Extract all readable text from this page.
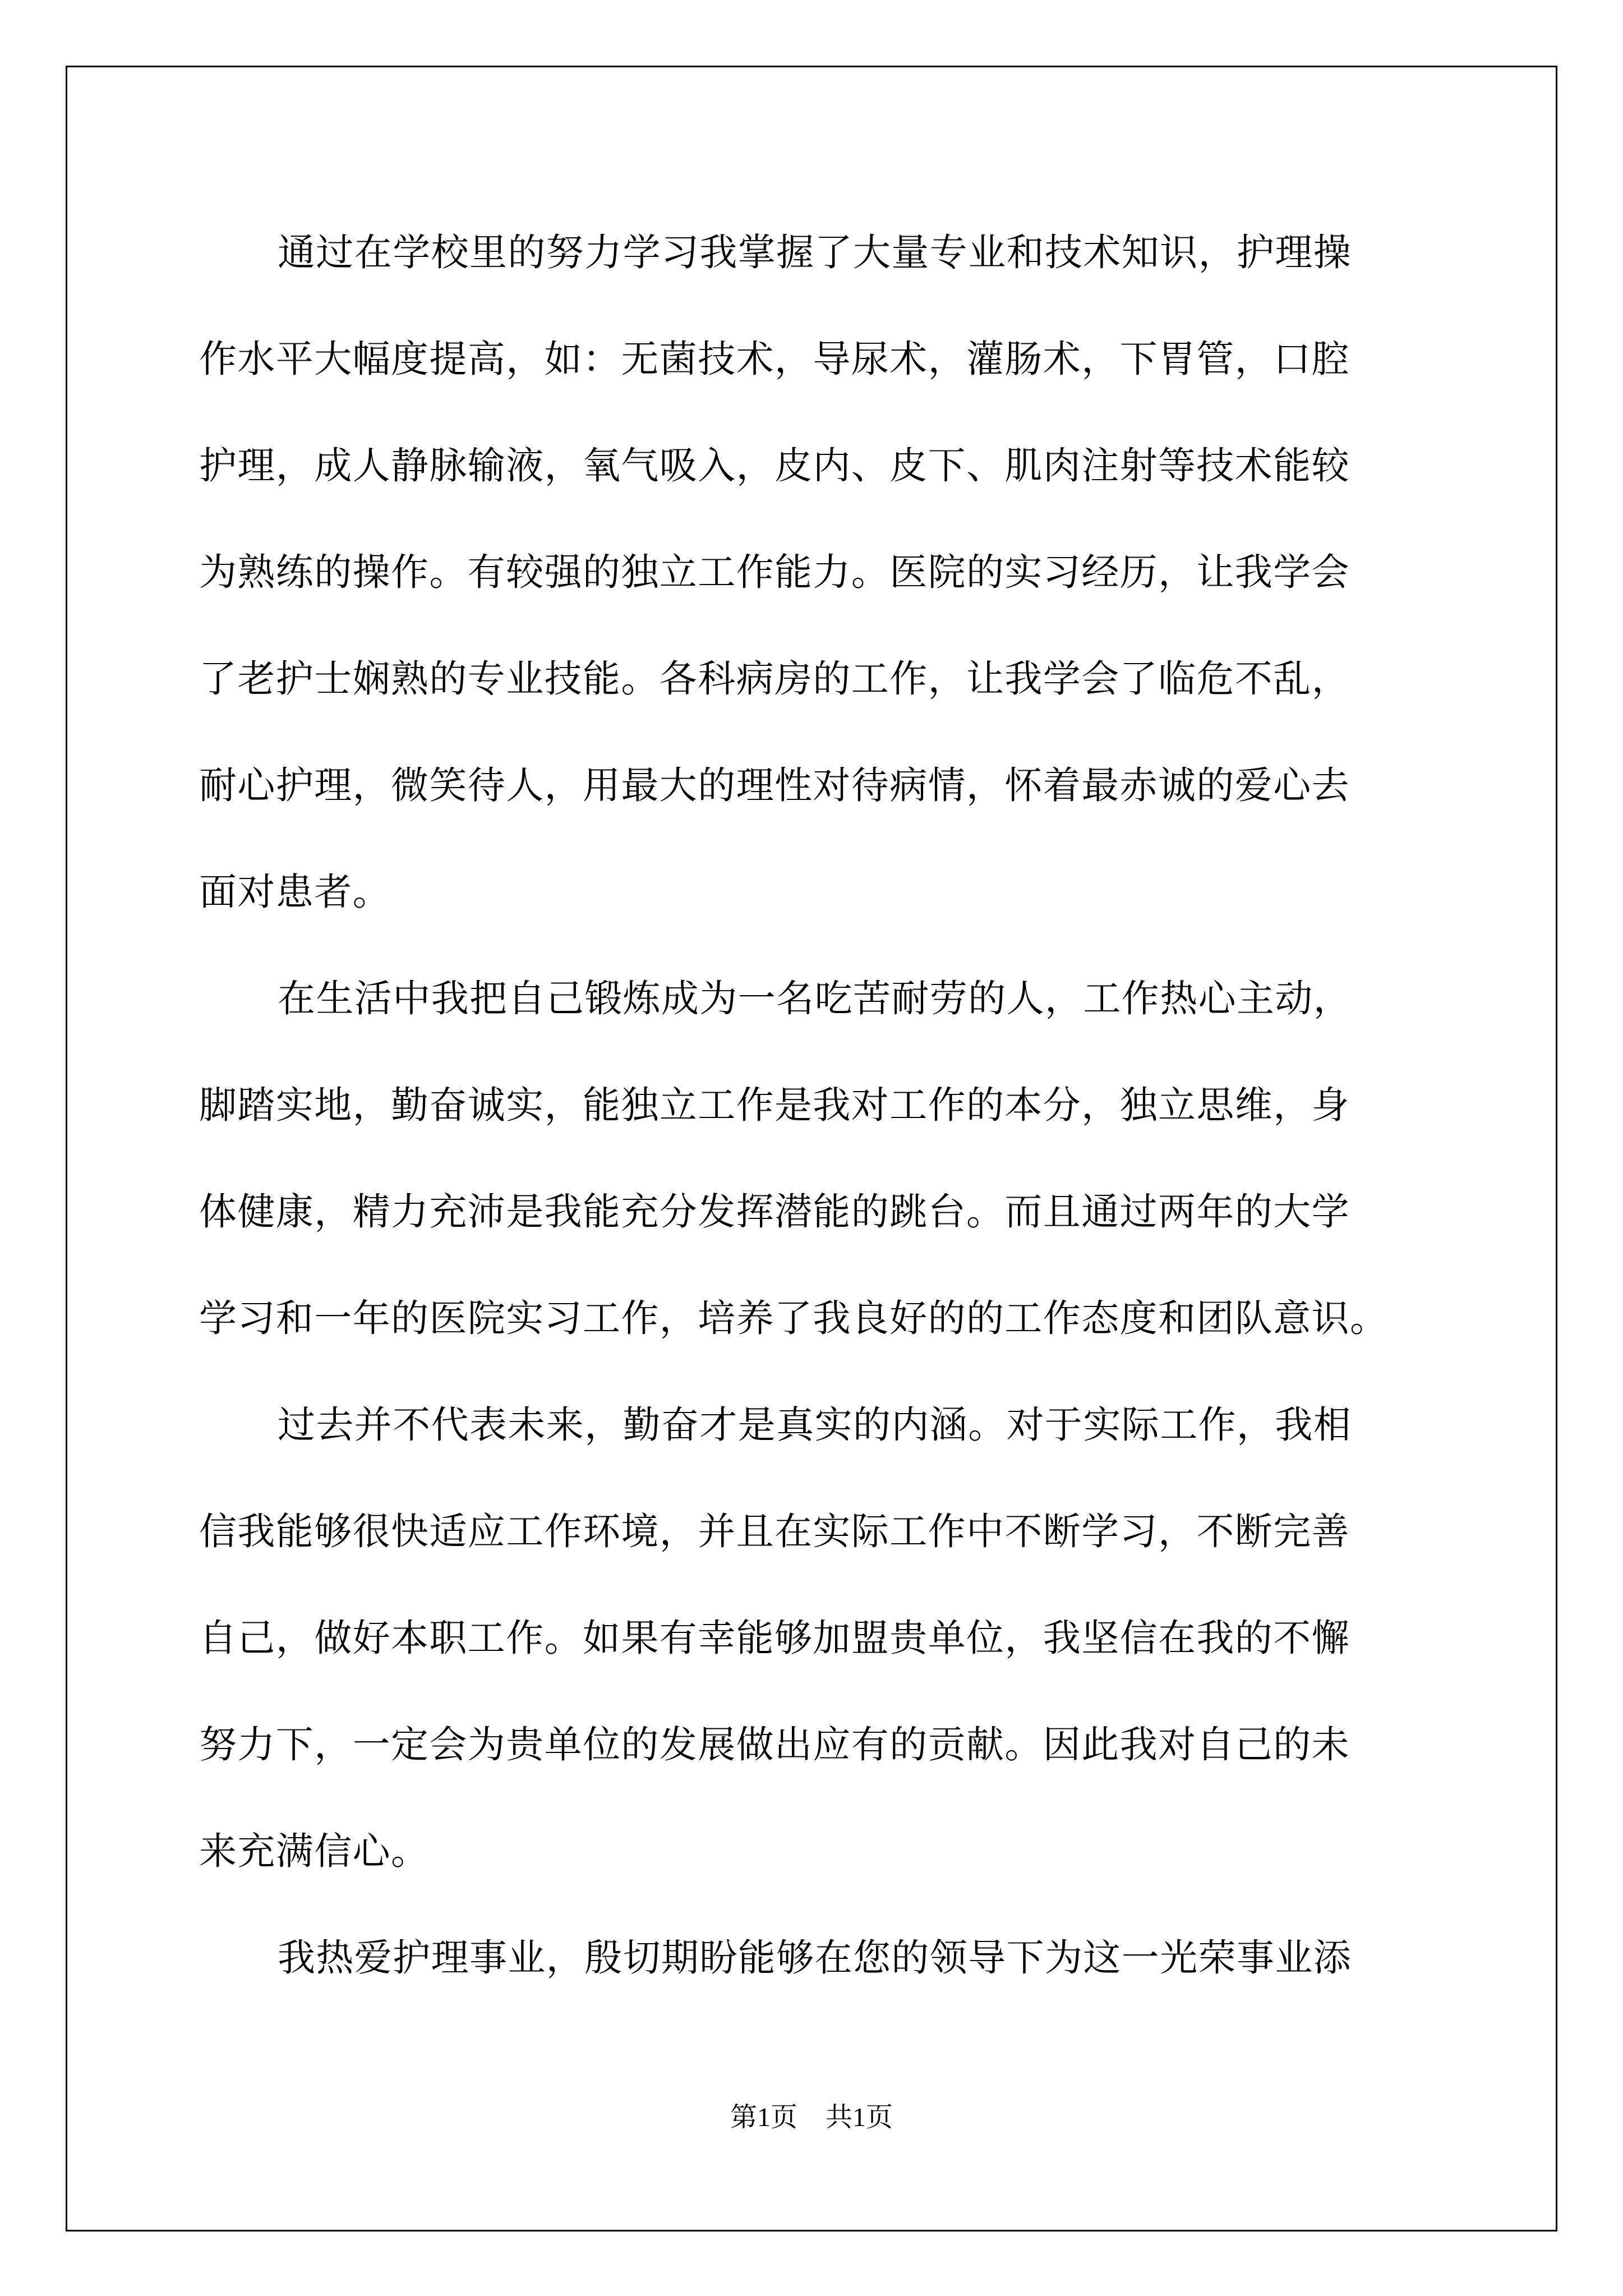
通过在学校里的努力学习我掌握了大量专业和技术知识，护理操
作水平大幅度提高，如：无菌技术，导尿术，灌肠术，下胃管，口腔
护理，成人静脉输液，氧气吸入，皮内、皮下、肌肉注射等技术能较
为熟练的操作。有较强的独立工作能力。医院的实习经历，让我学会
了老护士娴熟的专业技能。各科病房的工作，让我学会了临危不乱，
耐心护理，微笑待人，用最大的理性对待病情，怀着最赤诚的爱心去
面对患者。
在生活中我把自己锻炼成为一名吃苦耐劳的人，工作热心主动，
脚踏实地，勤奋诚实，能独立工作是我对工作的本分，独立思维，身
体健康，精力充沛是我能充分发挥潜能的跳台。而且通过两年的大学
学习和一年的医院实习工作，培养了我良好的的工作态度和团队意识。
过去并不代表未来，勤奋才是真实的内涵。对于实际工作，我相
信我能够很快适应工作环境，并且在实际工作中不断学习，不断完善
自己，做好本职工作。如果有幸能够加盟贵单位，我坚信在我的不懈
努力下，一定会为贵单位的发展做出应有的贡献。因此我对自己的未
来充满信心。
我热爱护理事业，殷切期盼能够在您的领导下为这一光荣事业添
第1页 共1页
